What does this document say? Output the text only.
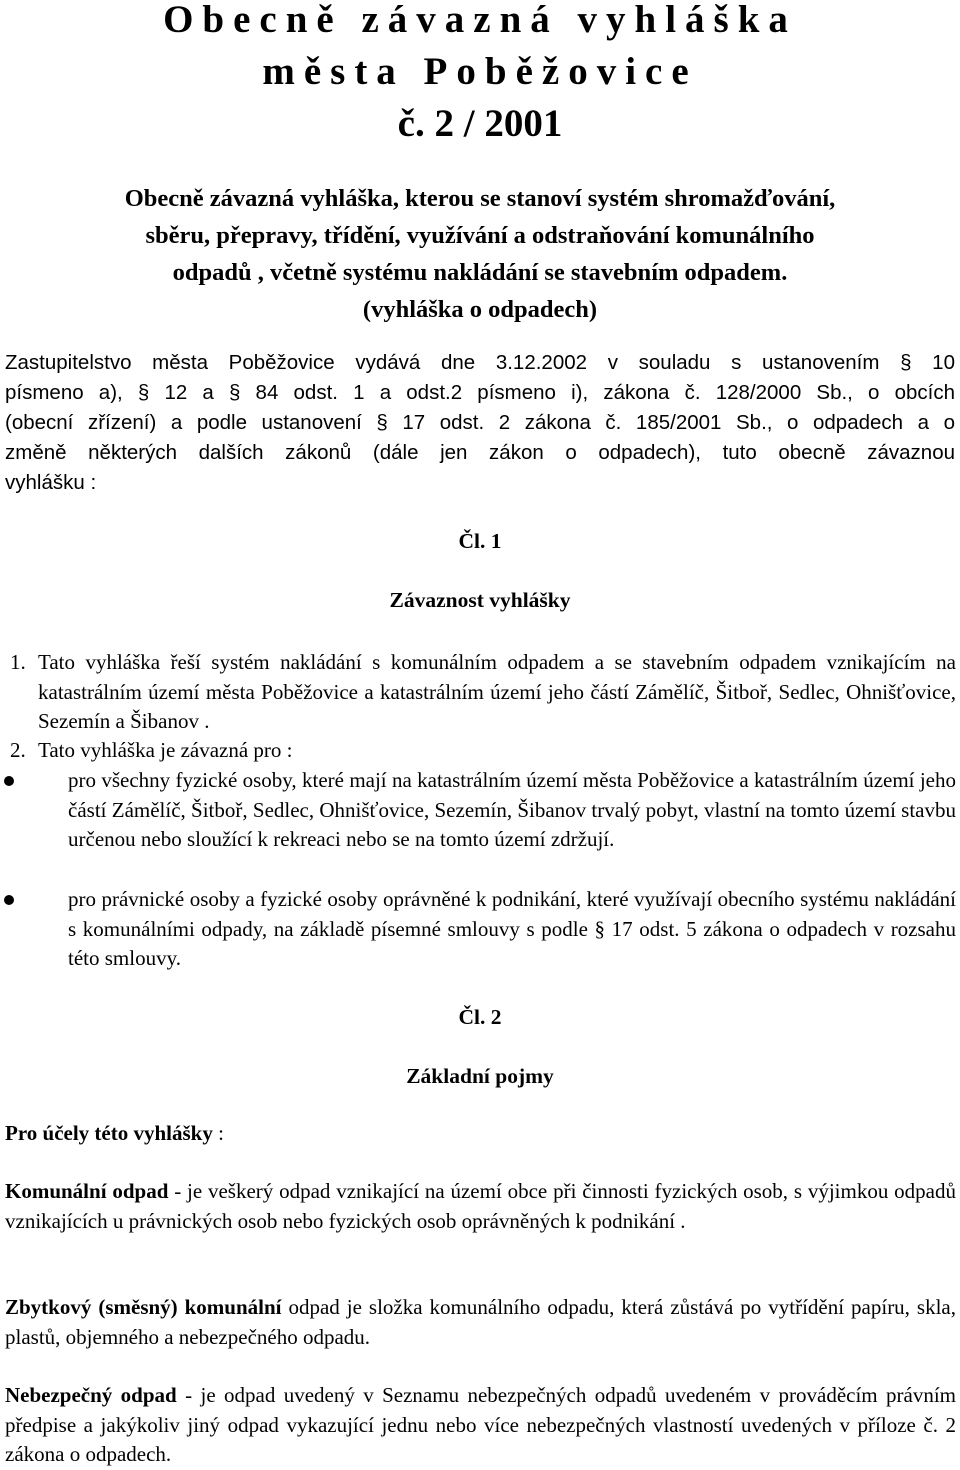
Obecně závazná vyhláška

města Poběžovice

č. 2 / 2001

Obecně závazná vyhláška, kterou se stanoví systém shromažďování,
sběru, přepravy, třídění, využívání a odstraňování komunálního
odpadů , včetně systému nakládání se stavebním odpadem.
(vyhláška o odpadech)
Zastupitelstvo města Poběžovice vydává dne 3.12.2002 v souladu s ustanovením § 10
písmeno a), § 12 a § 84 odst. 1 a odst.2 písmeno i), zákona č. 128/2000 Sb., o obcích
(obecní zřízení) a podle ustanovení § 17 odst. 2 zákona č. 185/2001 Sb., o odpadech a o
změně některých dalších zákonů (dále jen zákon o odpadech), tuto obecně závaznou
vyhlášku :

Čl. 1

Závaznost vyhlášky

1. Tato vyhláška řeší systém nakládání s komunálním odpadem a se stavebním odpadem vznikajícím na katastrálním území města Poběžovice a katastrálním území jeho částí Zámělíč, Šitboř, Sedlec, Ohnišťovice, Sezemín a Šibanov .

2. Tato vyhláška je závazná pro :

pro všechny fyzické osoby, které mají na katastrálním území města Poběžovice a katastrálním území jeho částí Zámělíč, Šitboř, Sedlec, Ohnišťovice, Sezemín, Šibanov trvalý pobyt, vlastní na tomto území stavbu určenou nebo sloužící k rekreaci nebo se na tomto území zdržují.

pro právnické osoby a fyzické osoby oprávněné k podnikání, které využívají obecního systému nakládání s komunálními odpady, na základě písemné smlouvy s podle § 17 odst. 5 zákona o odpadech v rozsahu této smlouvy.

Čl. 2

Základní pojmy

Pro účely této vyhlášky :

Komunální odpad - je veškerý odpad vznikající na území obce při činnosti fyzických osob, s výjimkou odpadů vznikajících u právnických osob nebo fyzických osob oprávněných k podnikání .

Zbytkový (směsný) komunální odpad je složka komunálního odpadu, která zůstává po vytřídění papíru, skla, plastů, objemného a nebezpečného odpadu.

Nebezpečný odpad - je odpad uvedený v Seznamu nebezpečných odpadů uvedeném v prováděcím právním předpise a jakýkoliv jiný odpad vykazující jednu nebo více nebezpečných vlastností uvedených v příloze č. 2 zákona o odpadech.
